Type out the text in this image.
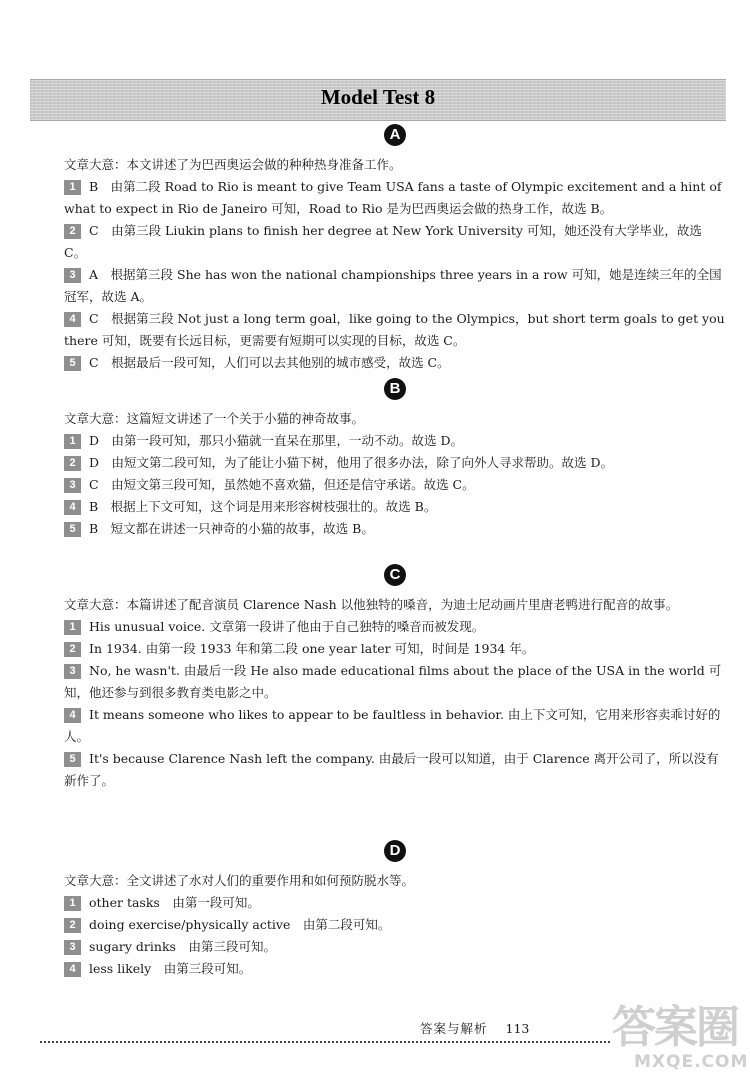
Model Test 8
A

文章大意：本文讲述了为巴西奥运会做的种种热身准备工作。

1 B　由第二段 Road to Rio is meant to give Team USA fans a taste of Olympic excitement and a hint of what to expect in Rio de Janeiro 可知，Road to Rio 是为巴西奥运会做的热身工作，故选 B。

2 C　由第三段 Liukin plans to finish her degree at New York University 可知，她还没有大学毕业，故选 C。

3 A　根据第三段 She has won the national championships three years in a row 可知，她是连续三年的全国冠军，故选 A。

4 C　根据第三段 Not just a long term goal，like going to the Olympics，but short term goals to get you there 可知，既要有长远目标，更需要有短期可以实现的目标，故选 C。

5 C　根据最后一段可知，人们可以去其他别的城市感受，故选 C。

B

文章大意：这篇短文讲述了一个关于小猫的神奇故事。

1 D　由第一段可知，那只小猫就一直呆在那里，一动不动。故选 D。

2 D　由短文第二段可知，为了能让小猫下树，他用了很多办法，除了向外人寻求帮助。故选 D。

3 C　由短文第三段可知，虽然她不喜欢猫，但还是信守承诺。故选 C。

4 B　根据上下文可知，这个词是用来形容树枝强壮的。故选 B。

5 B　短文都在讲述一只神奇的小猫的故事，故选 B。

C

文章大意：本篇讲述了配音演员 Clarence Nash 以他独特的嗓音，为迪士尼动画片里唐老鸭进行配音的故事。

1 His unusual voice. 文章第一段讲了他由于自己独特的嗓音而被发现。

2 In 1934. 由第一段 1933 年和第二段 one year later 可知，时间是 1934 年。

3 No, he wasn't. 由最后一段 He also made educational films about the place of the USA in the world 可知，他还参与到很多教育类电影之中。

4 It means someone who likes to appear to be faultless in behavior. 由上下文可知，它用来形容卖乖讨好的人。

5 It's because Clarence Nash left the company. 由最后一段可以知道，由于 Clarence 离开公司了，所以没有新作了。

D

文章大意：全文讲述了水对人们的重要作用和如何预防脱水等。

1 other tasks　由第一段可知。

2 doing exercise/physically active　由第二段可知。

3 sugary drinks　由第三段可知。

4 less likely　由第三段可知。

答案与解析 113 答案圈
MXQE.COM
